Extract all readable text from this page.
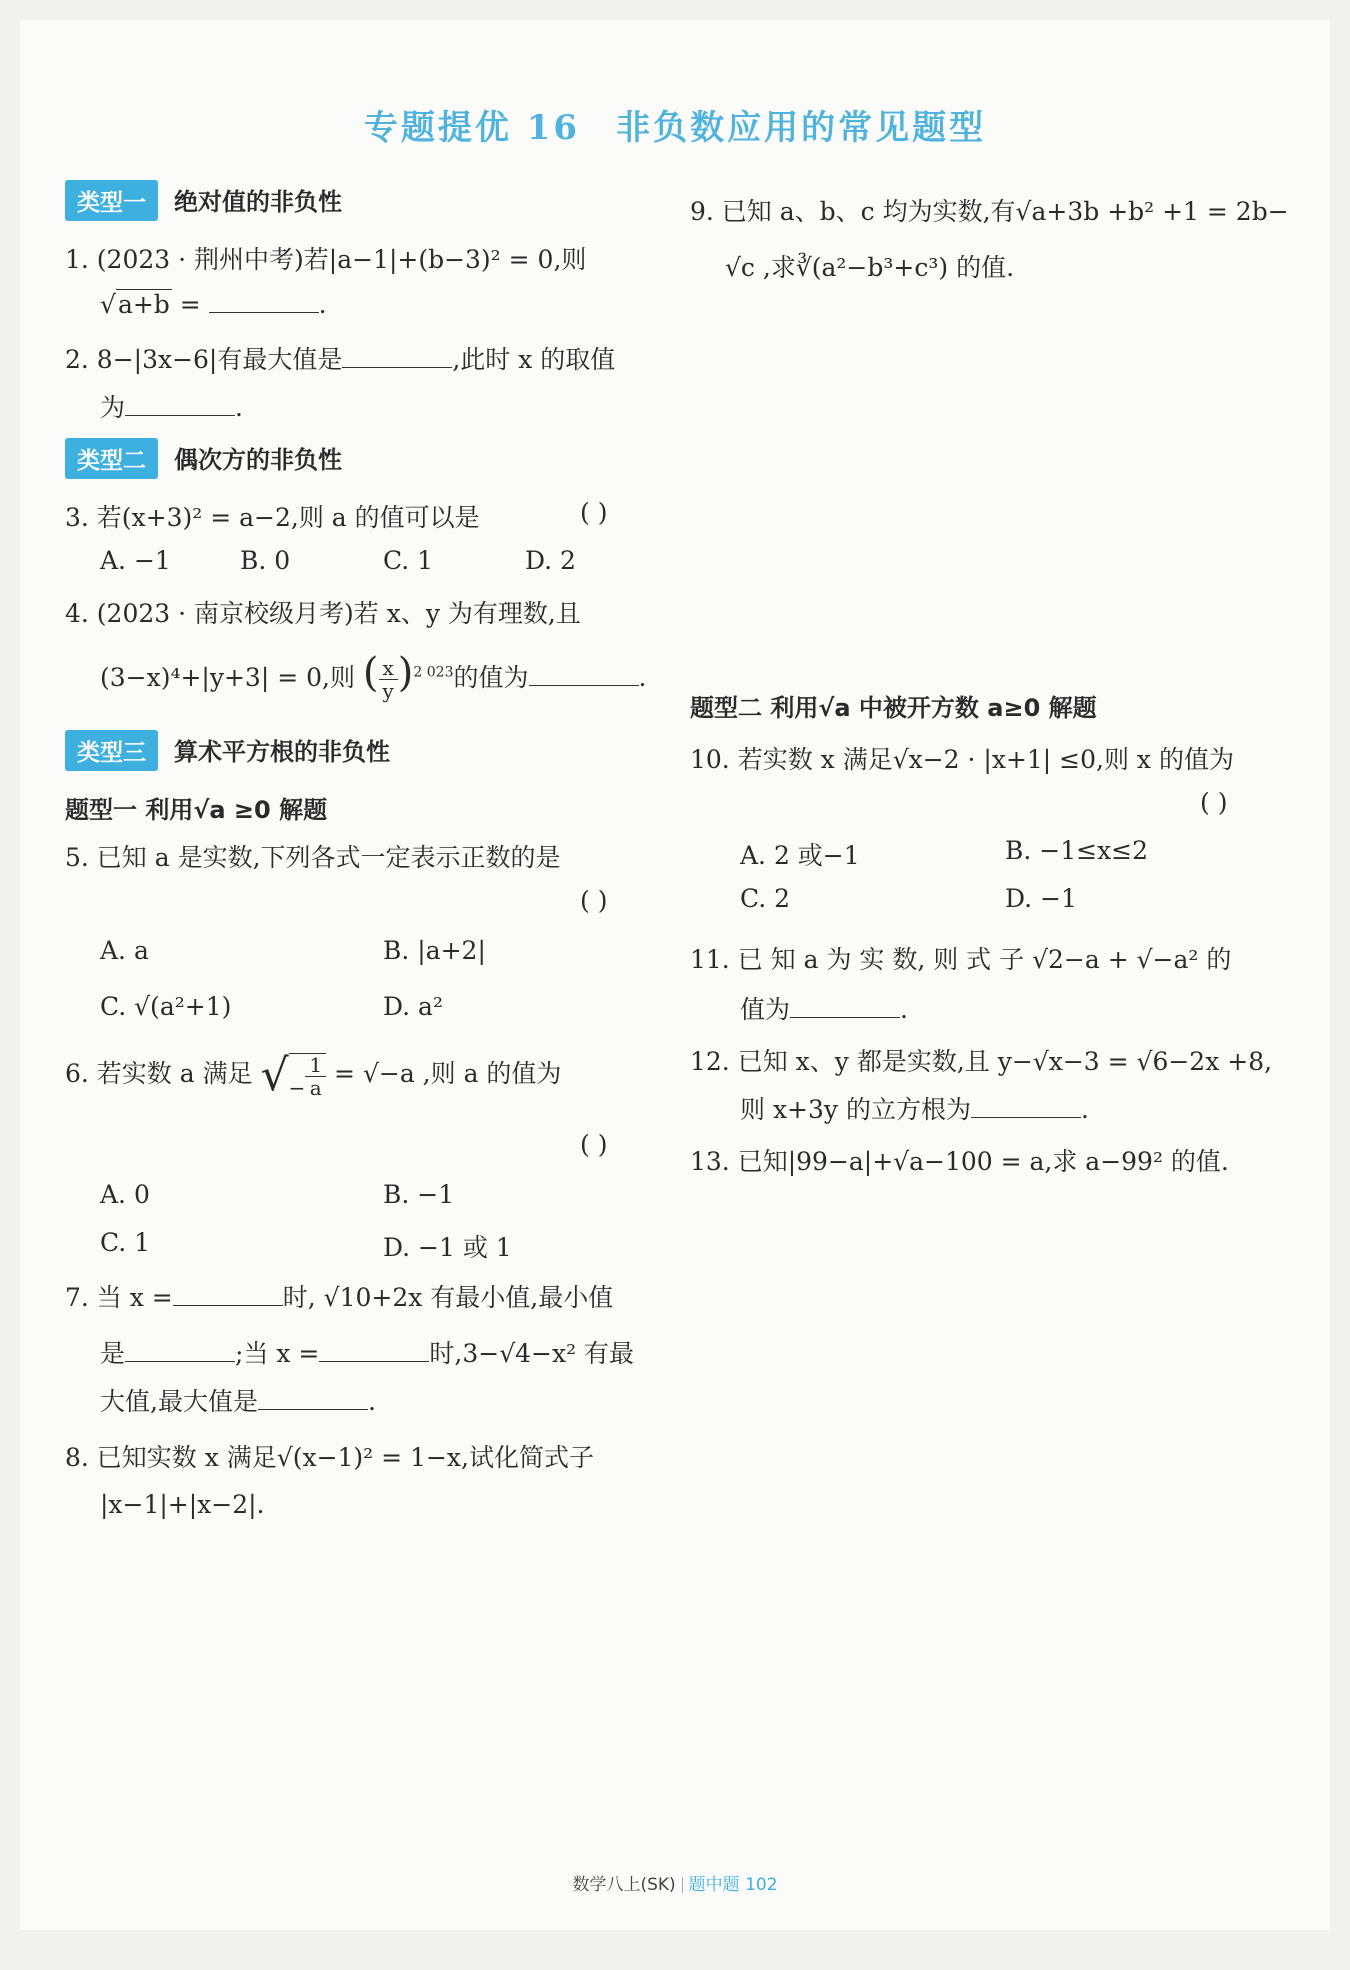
专题提优 16 非负数应用的常见题型
类型一 绝对值的非负性
1. (2023 · 荆州中考)若|a−1|+(b−3)² = 0,则
√a+b =	.
2. 8−|3x−6|有最大值是	,此时 x 的取值
为	.
类型二 偶次方的非负性
3. 若(x+3)² = a−2,则 a 的值可以是	( )
A. −1	B. 0	C. 1	D. 2
4. (2023 · 南京校级月考)若 x、y 为有理数,且
(3−x)⁴+|y+3| = 0,则 ( $\frac{x}{y} )^{2 023}$的值为	.
类型三 算术平方根的非负性
题型一 利用√a ≥0 解题
5. 已知 a 是实数,下列各式一定表示正数的是
( )
A. a	B. |a+2|
C. √(a²+1)	D. a²
6. 若实数 a 满足 √− $\frac{1}{a} = √-a$ ,则 a 的值为
( )
A. 0	B. −1
C. 1	D. −1 或 1
7. 当 x =	时, √10+2x 有最小值,最小值
是	;当 x =	时,3−√4−x² 有最
大值,最大值是	.
8. 已知实数 x 满足√(x−1)² = 1−x,试化简式子
|x−1|+|x−2|.
9. 已知 a、b、c 均为实数,有√a+3b +b² +1 = 2b−
√c ,求∛(a²−b³+c³) 的值.
题型二 利用√a 中被开方数 a≥0 解题
10. 若实数 x 满足√x−2 · |x+1| ≤0,则 x 的值为
( )
A. 2 或−1	B. −1≤x≤2
C. 2	D. −1
11. 已 知 a 为 实 数, 则 式 子 √2−a + √−a² 的
值为	.
12. 已知 x、y 都是实数,且 y−√x−3 = √6−2x +8,
则 x+3y 的立方根为	.
13. 已知|99−a|+√a−100 = a,求 a−99² 的值.
数学八上(SK) 题中题 102
